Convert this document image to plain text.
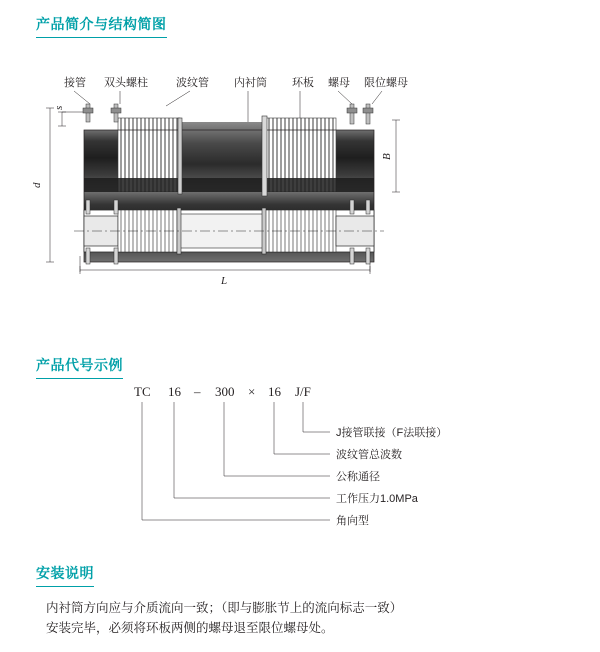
产品简介与结构简图
接管 双头螺柱	波纹管 内衬筒 环板 螺母 限位螺母
d
B
s
L
产品代号示例
TC 16 – 300 × 16 J/F
J接管联接（F法联接）
波纹管总波数
公称通径
工作压力1.0MPa
角向型
安装说明
内衬筒方向应与介质流向一致；（即与膨胀节上的流向标志一致）
安装完毕，必须将环板两侧的螺母退至限位螺母处。
